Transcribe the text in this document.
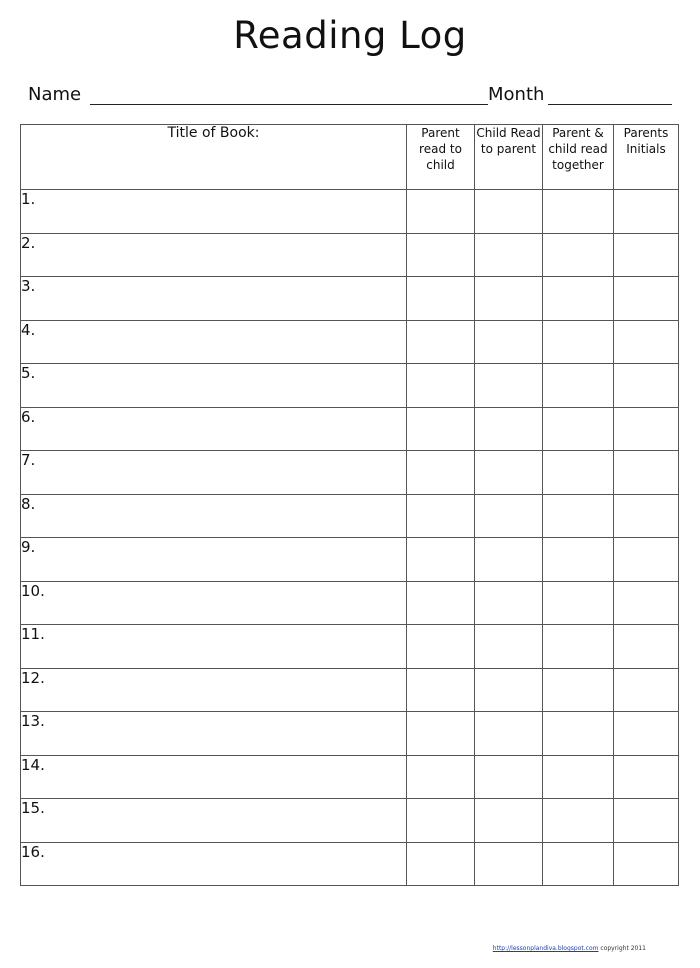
Reading Log
Name	Month
Title of Book:	Parent read to child	Child Read to parent	Parent & child read together	Parents Initials
1.				
2.				
3.				
4.				
5.				
6.				
7.				
8.				
9.				
10.				
11.				
12.				
13.				
14.				
15.				
16.				
http://lessonplandiva.blogspot.com copyright 2011
